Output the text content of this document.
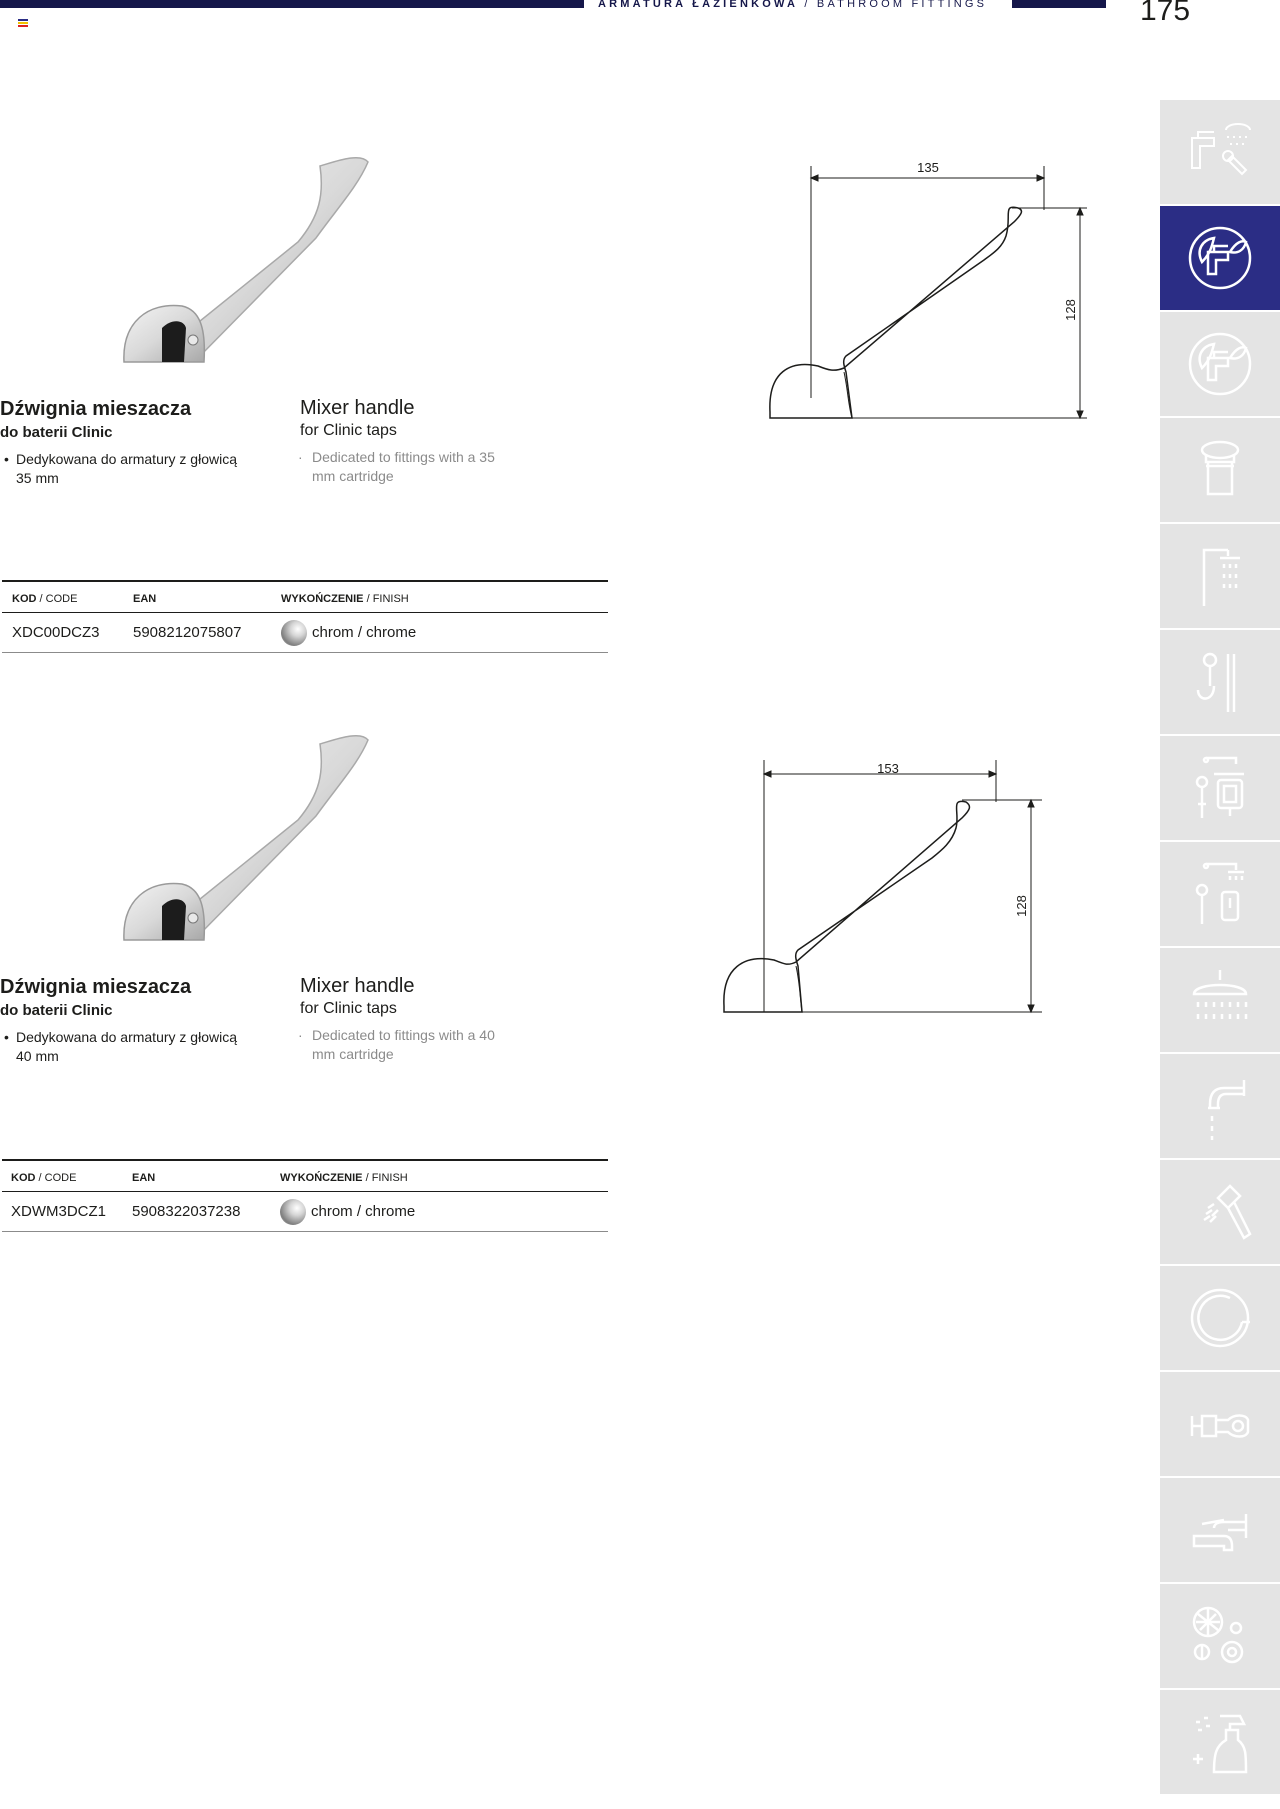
ARMATURA ŁAZIENKOWA / BATHROOM FITTINGS	175
135
128
Dźwignia mieszacza
do baterii Clinic
• Dedykowana do armatury z głowicą 35 mm
Mixer handle
for Clinic taps
· Dedicated to fittings with a 35 mm cartridge
KOD / CODE	EAN	WYKOŃCZENIE / FINISH
XDC00DCZ3 5908212075807	chrom / chrome
153
128
Dźwignia mieszacza
do baterii Clinic
• Dedykowana do armatury z głowicą 40 mm
Mixer handle
for Clinic taps
· Dedicated to fittings with a 40 mm cartridge
KOD / CODE	EAN	WYKOŃCZENIE / FINISH
XDWM3DCZ1 5908322037238	chrom / chrome
